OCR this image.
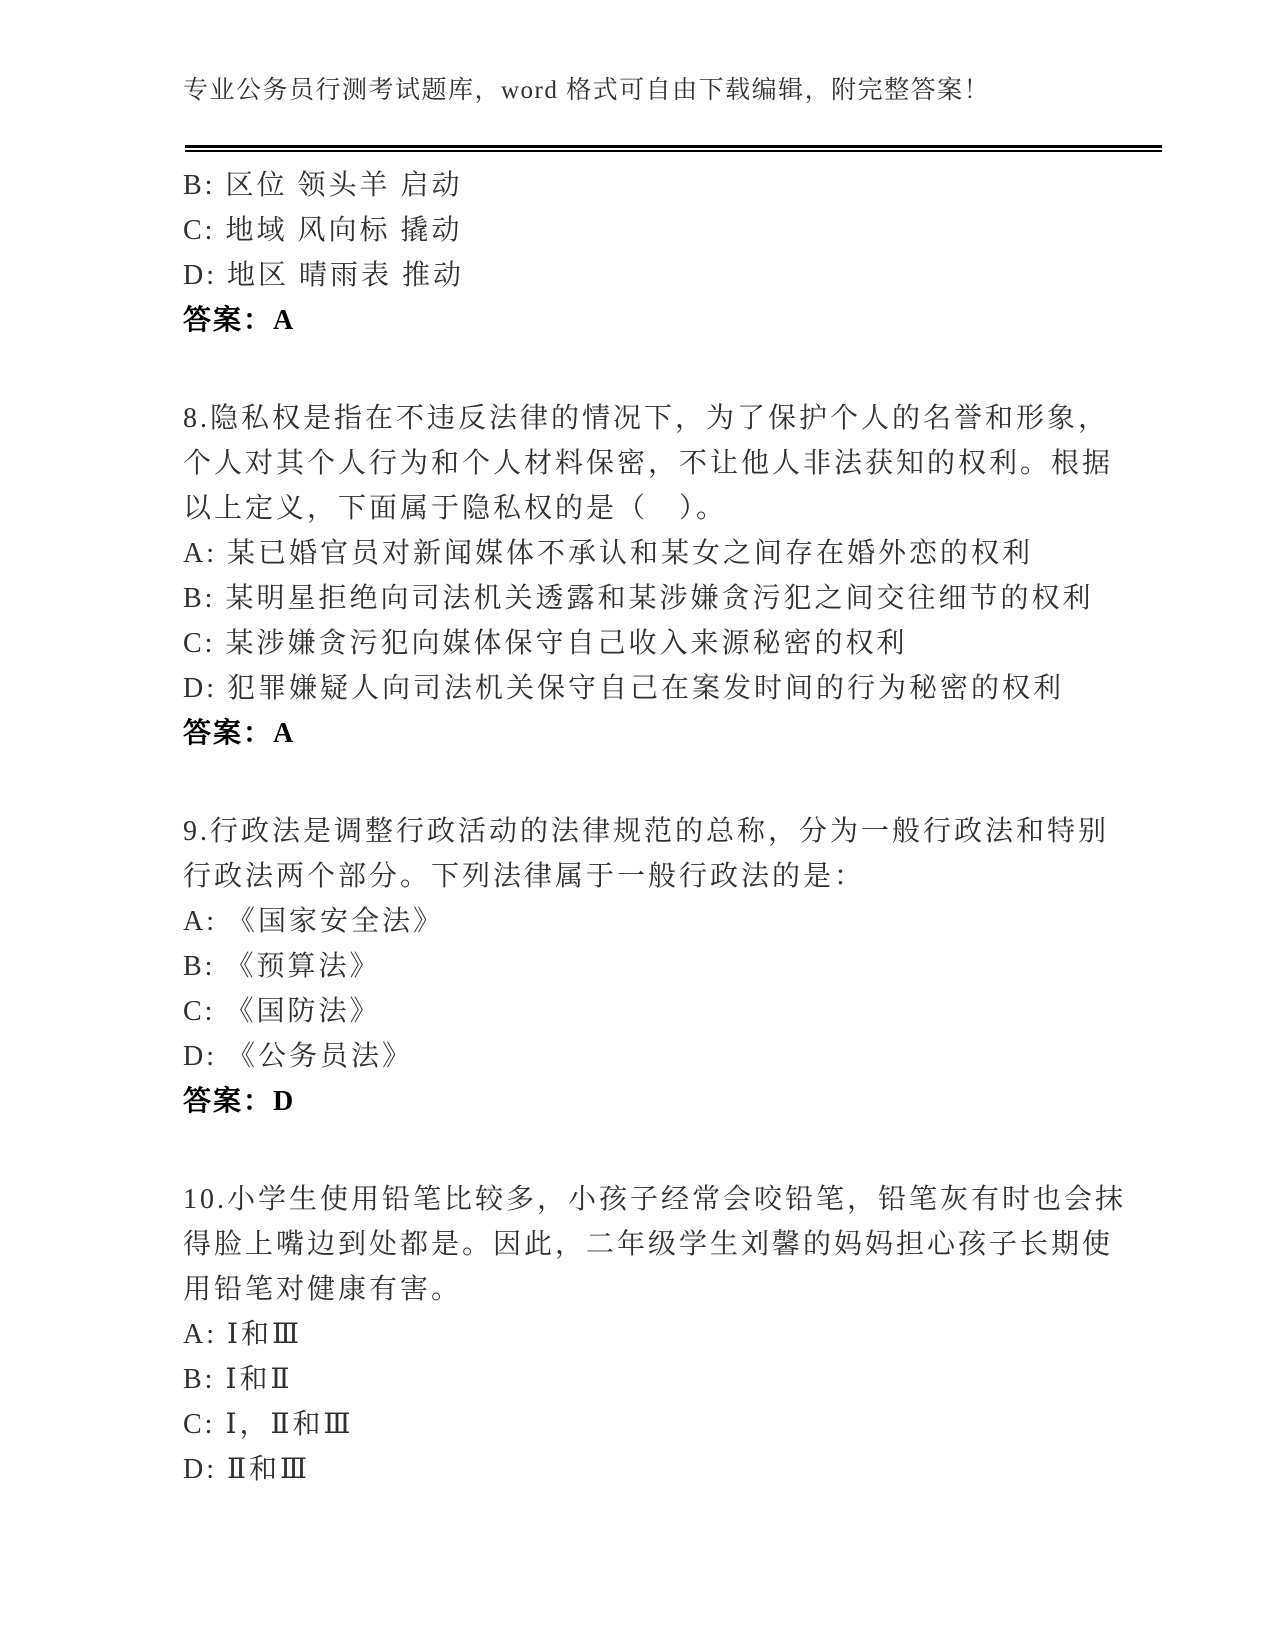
专业公务员行测考试题库，word 格式可自由下载编辑，附完整答案！
B: 区位 领头羊 启动
C: 地域 风向标 撬动
D: 地区 晴雨表 推动
答案：A
8.隐私权是指在不违反法律的情况下，为了保护个人的名誉和形象，
个人对其个人行为和个人材料保密，不让他人非法获知的权利。根据
以上定义，下面属于隐私权的是（　）。
A: 某已婚官员对新闻媒体不承认和某女之间存在婚外恋的权利
B: 某明星拒绝向司法机关透露和某涉嫌贪污犯之间交往细节的权利
C: 某涉嫌贪污犯向媒体保守自己收入来源秘密的权利
D: 犯罪嫌疑人向司法机关保守自己在案发时间的行为秘密的权利
答案：A
9.行政法是调整行政活动的法律规范的总称，分为一般行政法和特别
行政法两个部分。下列法律属于一般行政法的是：
A: 《国家安全法》
B: 《预算法》
C: 《国防法》
D: 《公务员法》
答案：D
10.小学生使用铅笔比较多，小孩子经常会咬铅笔，铅笔灰有时也会抹
得脸上嘴边到处都是。因此，二年级学生刘馨的妈妈担心孩子长期使
用铅笔对健康有害。
A: Ⅰ和Ⅲ
B: Ⅰ和Ⅱ
C: Ⅰ，Ⅱ和Ⅲ
D: Ⅱ和Ⅲ
